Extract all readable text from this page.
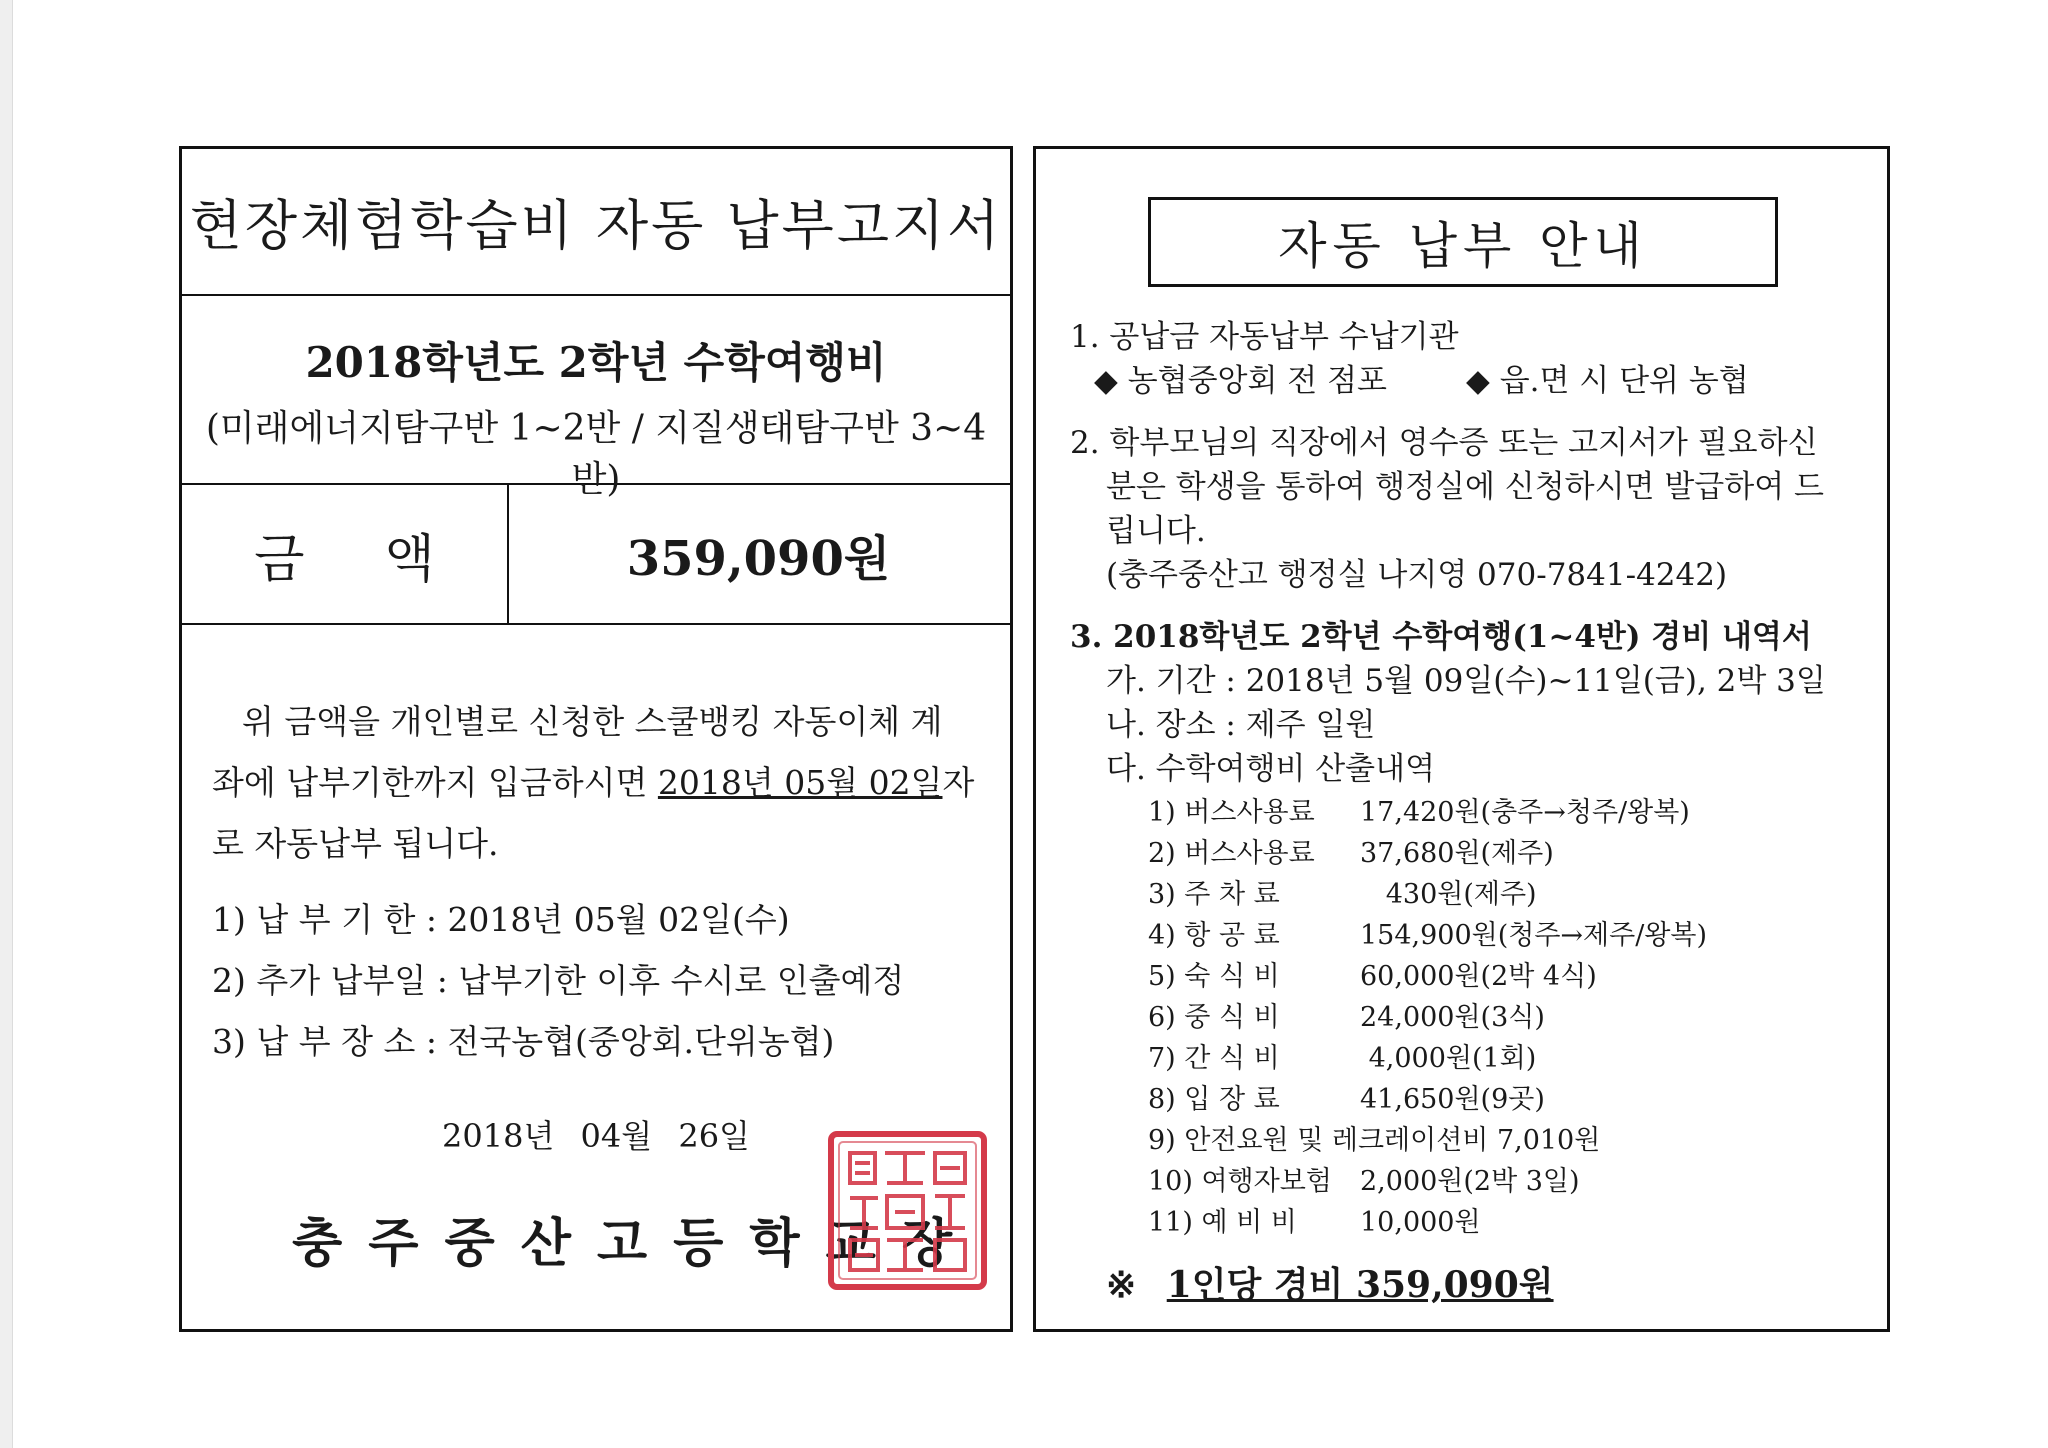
현장체험학습비 자동 납부고지서
2018학년도 2학년 수학여행비
(미래에너지탐구반 1~2반 / 지질생태탐구반 3~4반)
금 액	359,090원
위 금액을 개인별로 신청한 스쿨뱅킹 자동이체 계
좌에 납부기한까지 입금하시면 2018년 05월 02일자
로 자동납부 됩니다.
1) 납 부 기 한 : 2018년 05월 02일(수)
2) 추가 납부일 : 납부기한 이후 수시로 인출예정
3) 납 부 장 소 : 전국농협(중앙회.단위농협)
2018년 04월 26일
충주중산고등학교장
자동 납부 안내
1. 공납금 자동납부 수납기관
◆ 농협중앙회 전 점포	◆ 읍.면 시 단위 농협
2. 학부모님의 직장에서 영수증 또는 고지서가 필요하신
분은 학생을 통하여 행정실에 신청하시면 발급하여 드
립니다.
(충주중산고 행정실 나지영 070-7841-4242)
3. 2018학년도 2학년 수학여행(1~4반) 경비 내역서
가. 기간 : 2018년 5월 09일(수)~11일(금), 2박 3일
나. 장소 : 제주 일원
다. 수학여행비 산출내역
1) 버스사용료	17,420원(충주→청주/왕복)
2) 버스사용료	37,680원(제주)
3) 주 차 료	430원(제주)
4) 항 공 료	154,900원(청주→제주/왕복)
5) 숙 식 비	60,000원(2박 4식)
6) 중 식 비	24,000원(3식)
7) 간 식 비	4,000원(1회)
8) 입 장 료	41,650원(9곳)
9) 안전요원 및 레크레이션비 7,010원
10) 여행자보험	2,000원(2박 3일)
11) 예 비 비	10,000원
※ 1인당 경비 359,090원
